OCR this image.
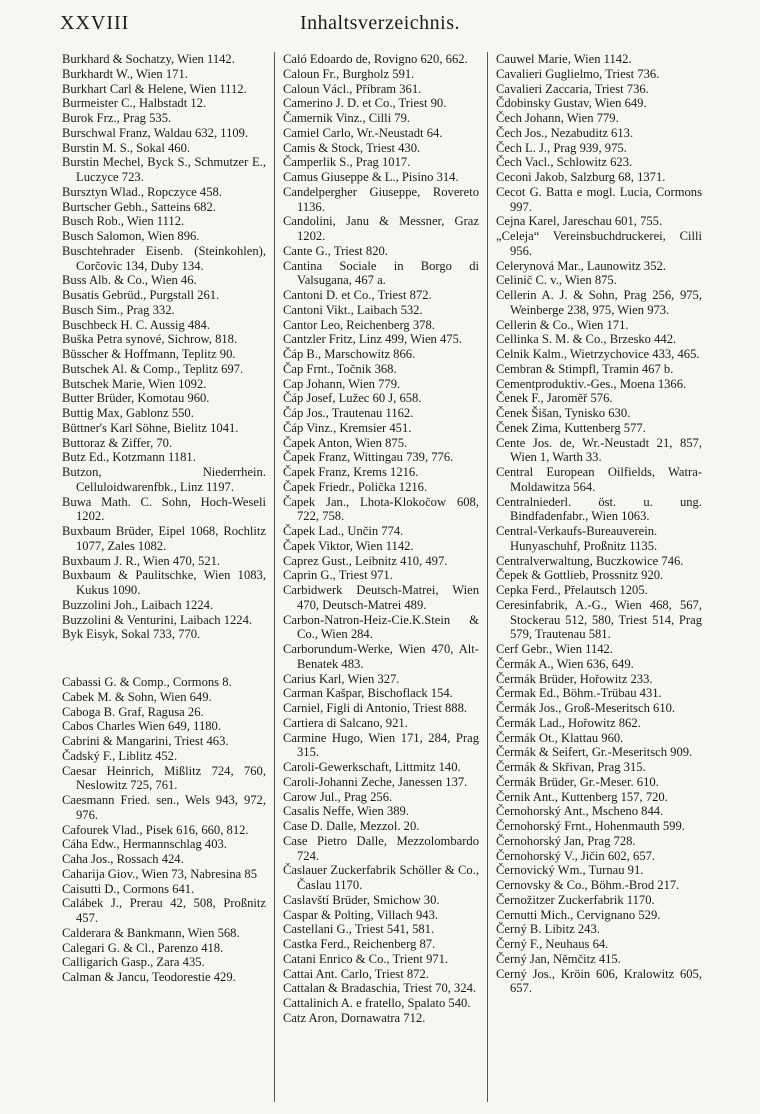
XXVIII	Inhaltsverzeichnis.
Burkhard & Sochatzy, Wien 1142.
Burkhardt W., Wien 171.
Burkhart Carl & Helene, Wien 1112.
Burmeister C., Halbstadt 12.
Burok Frz., Prag 535.
Burschwal Franz, Waldau 632, 1109.
Burstin M. S., Sokal 460.
Burstin Mechel, Byck S., Schmutzer E., Luczyce 723.
Bursztyn Wlad., Ropczyce 458.
Burtscher Gebh., Satteins 682.
Busch Rob., Wien 1112.
Busch Salomon, Wien 896.
Buschtehrader Eisenb. (Steinkohlen), Corčovic 134, Duby 134.
Buss Alb. & Co., Wien 46.
Busatis Gebrüd., Purgstall 261.
Busch Sim., Prag 332.
Buschbeck H. C. Aussig 484.
Buška Petra synové, Sichrow, 818.
Büsscher & Hoffmann, Teplitz 90.
Butschek Al. & Comp., Teplitz 697.
Butschek Marie, Wien 1092.
Butter Brüder, Komotau 960.
Buttig Max, Gablonz 550.
Büttner's Karl Söhne, Bielitz 1041.
Buttoraz & Ziffer, 70.
Butz Ed., Kotzmann 1181.
Butzon, Niederrhein. Celluloidwarenfbk., Linz 1197.
Buwa Math. C. Sohn, Hoch-Weseli 1202.
Buxbaum Brüder, Eipel 1068, Rochlitz 1077, Zales 1082.
Buxbaum J. R., Wien 470, 521.
Buxbaum & Paulitschke, Wien 1083, Kukus 1090.
Buzzolini Joh., Laibach 1224.
Buzzolini & Venturini, Laibach 1224.
Byk Eisyk, Sokal 733, 770.
Cabassi G. & Comp., Cormons 8.
Cabek M. & Sohn, Wien 649.
Caboga B. Graf, Ragusa 26.
Cabos Charles Wien 649, 1180.
Cabrini & Mangarini, Triest 463.
Čadský F., Liblitz 452.
Caesar Heinrich, Mißlitz 724, 760, Neslowitz 725, 761.
Caesmann Fried. sen., Wels 943, 972, 976.
Cafourek Vlad., Pisek 616, 660, 812.
Cáha Edw., Hermannschlag 403.
Caha Jos., Rossach 424.
Caharija Giov., Wien 73, Nabresina 85
Caisutti D., Cormons 641.
Calábek J., Prerau 42, 508, Proßnitz 457.
Calderara & Bankmann, Wien 568.
Calegari G. & Cl., Parenzo 418.
Calligarich Gasp., Zara 435.
Calman & Jancu, Teodorestie 429.
Caló Edoardo de, Rovigno 620, 662.
Caloun Fr., Burgholz 591.
Caloun Václ., Příbram 361.
Camerino J. D. et Co., Triest 90.
Čamernik Vinz., Cilli 79.
Camiel Carlo, Wr.-Neustadt 64.
Camis & Stock, Triest 430.
Čamperlik S., Prag 1017.
Camus Giuseppe & L., Pisino 314.
Candelpergher Giuseppe, Rovereto 1136.
Candolini, Janu & Messner, Graz 1202.
Cante G., Triest 820.
Cantina Sociale in Borgo di Valsugana, 467 a.
Cantoni D. et Co., Triest 872.
Cantoni Vikt., Laibach 532.
Cantor Leo, Reichenberg 378.
Cantzler Fritz, Linz 499, Wien 475.
Čáp B., Marschowitz 866.
Čap Frnt., Točnik 368.
Cap Johann, Wien 779.
Čáp Josef, Lužec 60 J, 658.
Čáp Jos., Trautenau 1162.
Čáp Vinz., Kremsier 451.
Čapek Anton, Wien 875.
Čapek Franz, Wittingau 739, 776.
Čapek Franz, Krems 1216.
Čapek Friedr., Polička 1216.
Čapek Jan., Lhota-Klokočow 608, 722, 758.
Čapek Lad., Unčin 774.
Čapek Viktor, Wien 1142.
Caprez Gust., Leibnitz 410, 497.
Caprin G., Triest 971.
Carbidwerk Deutsch-Matrei, Wien 470, Deutsch-Matrei 489.
Carbon-Natron-Heiz-Cie.K.Stein & Co., Wien 284.
Carborundum-Werke, Wien 470, Alt-Benatek 483.
Carius Karl, Wien 327.
Carman Kašpar, Bischoflack 154.
Carniel, Figli di Antonio, Triest 888.
Cartiera di Salcano, 921.
Carmine Hugo, Wien 171, 284, Prag 315.
Caroli-Gewerkschaft, Littmitz 140.
Caroli-Johanni Zeche, Janessen 137.
Carow Jul., Prag 256.
Casalis Neffe, Wien 389.
Case D. Dalle, Mezzol. 20.
Case Pietro Dalle, Mezzolombardo 724.
Časlauer Zuckerfabrik Schöller & Co., Časlau 1170.
Caslavští Brüder, Smichow 30.
Caspar & Polting, Villach 943.
Castellani G., Triest 541, 581.
Castka Ferd., Reichenberg 87.
Catani Enrico & Co., Trient 971.
Cattai Ant. Carlo, Triest 872.
Cattalan & Bradaschia, Triest 70, 324.
Cattalinich A. e fratello, Spalato 540.
Catz Aron, Dornawatra 712.
Cauwel Marie, Wien 1142.
Cavalieri Guglielmo, Triest 736.
Cavalieri Zaccaria, Triest 736.
Čdobinsky Gustav, Wien 649.
Čech Johann, Wien 779.
Čech Jos., Nezabuditz 613.
Čech L. J., Prag 939, 975.
Čech Vacl., Schlowitz 623.
Ceconi Jakob, Salzburg 68, 1371.
Cecot G. Batta e mogl. Lucia, Cormons 997.
Cejna Karel, Jareschau 601, 755.
„Celeja“ Vereinsbuchdruckerei, Cilli 956.
Celerynová Mar., Launowitz 352.
Celinič C. v., Wien 875.
Cellerin A. J. & Sohn, Prag 256, 975, Weinberge 238, 975, Wien 973.
Cellerin & Co., Wien 171.
Cellinka S. M. & Co., Brzesko 442.
Celnik Kalm., Wietrzychovice 433, 465.
Cembran & Stimpfl, Tramin 467 b.
Cementproduktiv.-Ges., Moena 1366.
Čenek F., Jaroměř 576.
Čenek Šišan, Tynisko 630.
Čenek Zima, Kuttenberg 577.
Cente Jos. de, Wr.-Neustadt 21, 857, Wien 1, Warth 33.
Central European Oilfields, Watra-Moldawitza 564.
Centralniederl. öst. u. ung. Bindfadenfabr., Wien 1063.
Central-Verkaufs-Bureauverein. Hunyaschuhf, Proßnitz 1135.
Centralverwaltung, Buczkowice 746.
Čepek & Gottlieb, Prossnitz 920.
Cepka Ferd., Přelautsch 1205.
Ceresinfabrik, A.-G., Wien 468, 567, Stockerau 512, 580, Triest 514, Prag 579, Trautenau 581.
Cerf Gebr., Wien 1142.
Čermák A., Wien 636, 649.
Čermák Brüder, Hořowitz 233.
Čermak Ed., Böhm.-Trübau 431.
Čermák Jos., Groß-Meseritsch 610.
Čermák Lad., Hořowitz 862.
Čermák Ot., Klattau 960.
Čermák & Seifert, Gr.-Meseritsch 909.
Čermák & Skřivan, Prag 315.
Čermák Brüder, Gr.-Meser. 610.
Černik Ant., Kuttenberg 157, 720.
Černohorský Ant., Mscheno 844.
Černohorský Frnt., Hohenmauth 599.
Černohorský Jan, Prag 728.
Černohorský V., Jičin 602, 657.
Černovický Wm., Turnau 91.
Cernovsky & Co., Böhm.-Brod 217.
Černožitzer Zuckerfabrik 1170.
Cernutti Mich., Cervignano 529.
Černý B. Libitz 243.
Černý F., Neuhaus 64.
Černý Jan, Němčitz 415.
Cerný Jos., Kröin 606, Kralowitz 605, 657.
